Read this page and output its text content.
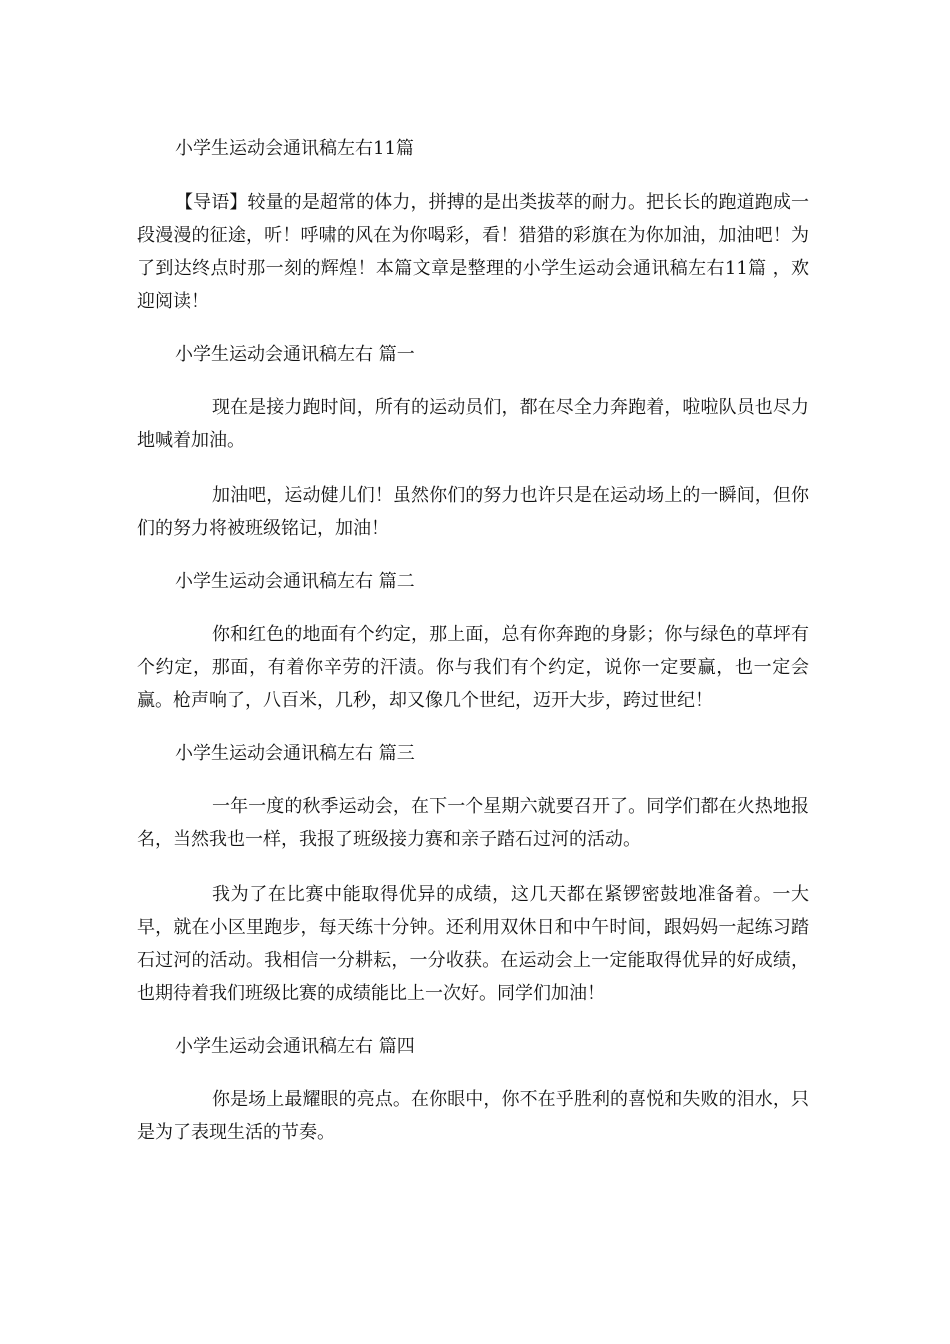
小学生运动会通讯稿左右11篇

【导语】较量的是超常的体力，拼搏的是出类拔萃的耐力。把长长的跑道跑成一段漫漫的征途，听！呼啸的风在为你喝彩，看！猎猎的彩旗在为你加油，加油吧！为了到达终点时那一刻的辉煌！本篇文章是整理的小学生运动会通讯稿左右11篇 ，欢迎阅读！

小学生运动会通讯稿左右 篇一

现在是接力跑时间，所有的运动员们，都在尽全力奔跑着，啦啦队员也尽力地喊着加油。

加油吧，运动健儿们！虽然你们的努力也许只是在运动场上的一瞬间，但你们的努力将被班级铭记，加油！

小学生运动会通讯稿左右 篇二

你和红色的地面有个约定，那上面，总有你奔跑的身影；你与绿色的草坪有个约定，那面，有着你辛劳的汗渍。你与我们有个约定，说你一定要赢，也一定会赢。枪声响了，八百米，几秒，却又像几个世纪，迈开大步，跨过世纪！

小学生运动会通讯稿左右 篇三

一年一度的秋季运动会，在下一个星期六就要召开了。同学们都在火热地报名，当然我也一样，我报了班级接力赛和亲子踏石过河的活动。

我为了在比赛中能取得优异的成绩，这几天都在紧锣密鼓地准备着。一大早，就在小区里跑步，每天练十分钟。还利用双休日和中午时间，跟妈妈一起练习踏石过河的活动。我相信一分耕耘，一分收获。在运动会上一定能取得优异的好成绩，也期待着我们班级比赛的成绩能比上一次好。同学们加油！

小学生运动会通讯稿左右 篇四

你是场上最耀眼的亮点。在你眼中，你不在乎胜利的喜悦和失败的泪水，只是为了表现生活的节奏。
